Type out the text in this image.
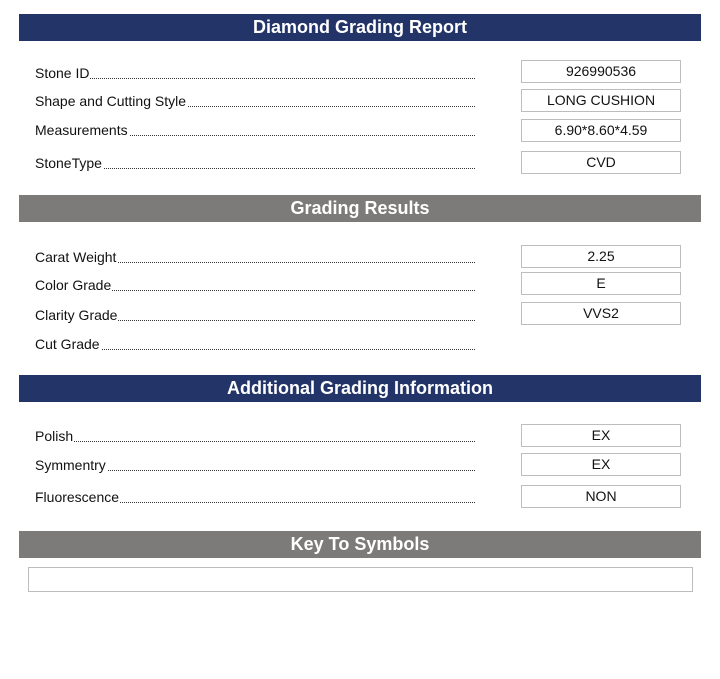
Diamond Grading Report
Stone ID	926990536
Shape and Cutting Style	LONG CUSHION
Measurements	6.90*8.60*4.59
StoneType	CVD
Grading Results
Carat Weight	2.25
Color Grade	E
Clarity Grade	VVS2
Cut Grade
Additional Grading Information
Polish	EX
Symmentry	EX
Fluorescence	NON
Key To Symbols
